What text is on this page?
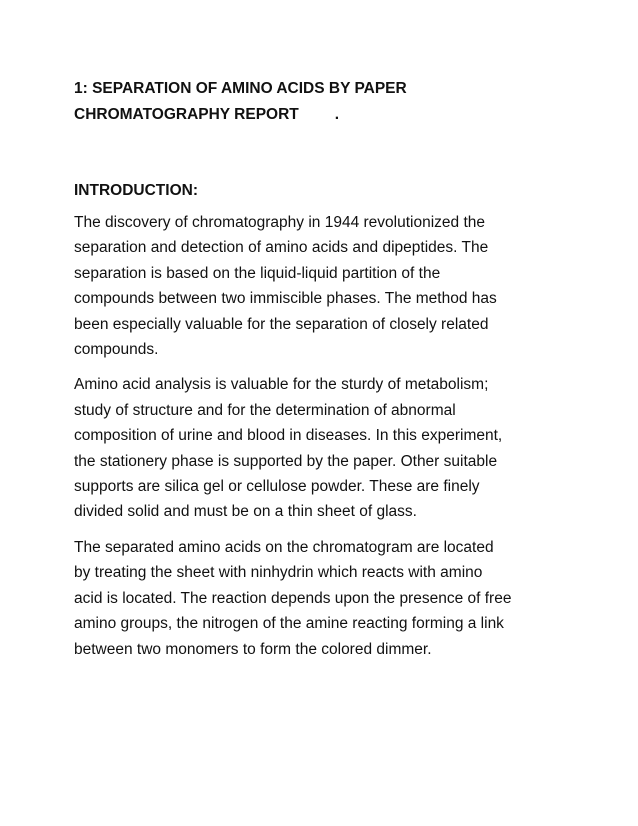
1: SEPARATION OF AMINO ACIDS BY PAPER
CHROMATOGRAPHY REPORT .
INTRODUCTION:

The discovery of chromatography in 1944 revolutionized the
separation and detection of amino acids and dipeptides. The
separation is based on the liquid-liquid partition of the
compounds between two immiscible phases. The method has
been especially valuable for the separation of closely related
compounds.

Amino acid analysis is valuable for the sturdy of metabolism;
study of structure and for the determination of abnormal
composition of urine and blood in diseases. In this experiment,
the stationery phase is supported by the paper. Other suitable
supports are silica gel or cellulose powder. These are finely
divided solid and must be on a thin sheet of glass.

The separated amino acids on the chromatogram are located
by treating the sheet with ninhydrin which reacts with amino
acid is located. The reaction depends upon the presence of free
amino groups, the nitrogen of the amine reacting forming a link
between two monomers to form the colored dimmer.
